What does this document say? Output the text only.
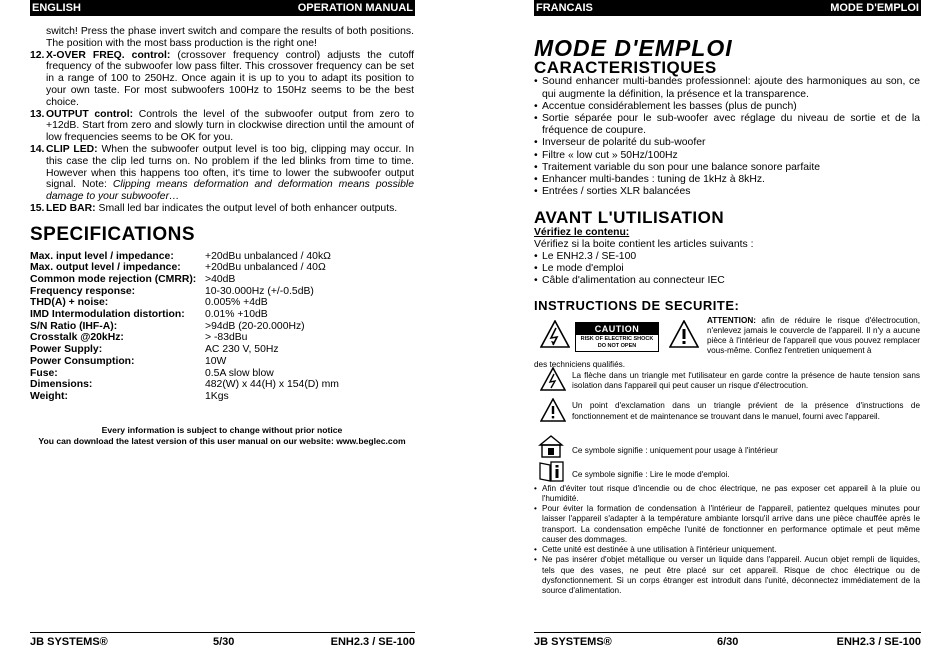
ENGLISH	OPERATION MANUAL
switch! Press the phase invert switch and compare the results of both positions. The position with the most bass production is the right one!
12. X-OVER FREQ. control: (crossover frequency control) adjusts the cutoff frequency of the subwoofer low pass filter. This crossover frequency can be set in a range of 100 to 250Hz. Once again it is up to you to adapt its position to your own taste. For most subwoofers 100Hz to 150Hz seems to be the best choice.
13. OUTPUT control: Controls the level of the subwoofer output from zero to +12dB. Start from zero and slowly turn in clockwise direction until the amount of low frequencies seems to be OK for you.
14. CLIP LED: When the subwoofer output level is too big, clipping may occur. In this case the clip led turns on. No problem if the led blinks from time to time. However when this happens too often, it's time to lower the subwoofer output signal. Note: Clipping means deformation and deformation means possible damage to your subwoofer…
15. LED BAR: Small led bar indicates the output level of both enhancer outputs.
SPECIFICATIONS
Max. input level / impedance:	+20dBu unbalanced / 40kΩ
Max. output level / impedance:	+20dBu unbalanced / 40Ω
Common mode rejection (CMRR): >40dB
Frequency response:	10-30.000Hz (+/-0.5dB)
THD(A) + noise:	0.005% +4dB
IMD Intermodulation distortion:	0.01% +10dB
S/N Ratio (IHF-A):	>94dB (20-20.000Hz)
Crosstalk @20kHz:	> -83dBu
Power Supply:	AC 230 V, 50Hz
Power Consumption:	10W
Fuse:	0.5A slow blow
Dimensions:	482(W) x 44(H) x 154(D) mm
Weight:	1Kgs
Every information is subject to change without prior notice
You can download the latest version of this user manual on our website: www.beglec.com
JB SYSTEMS®	5/30	ENH2.3 / SE-100
FRANCAIS	MODE D'EMPLOI
MODE D'EMPLOI
CARACTERISTIQUES
• Sound enhancer multi-bandes professionnel: ajoute des harmoniques au son, ce qui augmente la définition, la présence et la transparence.
• Accentue considérablement les basses (plus de punch)
• Sortie séparée pour le sub-woofer avec réglage du niveau de sortie et de la fréquence de coupure.
• Inverseur de polarité du sub-woofer
• Filtre « low cut » 50Hz/100Hz
• Traitement variable du son pour une balance sonore parfaite
• Enhancer multi-bandes : tuning de 1kHz à 8kHz.
• Entrées / sorties XLR balancées
AVANT L'UTILISATION
Vérifiez le contenu:
Vérifiez si la boite contient les articles suivants :
• Le ENH2.3 / SE-100
• Le mode d'emploi
• Câble d'alimentation au connecteur IEC
INSTRUCTIONS DE SECURITE:
CAUTION
RISK OF ELECTRIC SHOCK
DO NOT OPEN
ATTENTION: afin de réduire le risque d'électrocution, n'enlevez jamais le couvercle de l'appareil. Il n'y a aucune pièce à l'intérieur de l'appareil que vous pouvez remplacer vous-même. Confiez l'entretien uniquement à
des techniciens qualifiés.
La flèche dans un triangle met l'utilisateur en garde contre la présence de haute tension sans isolation dans l'appareil qui peut causer un risque d'électrocution.
Un point d'exclamation dans un triangle prévient de la présence d'instructions de fonctionnement et de maintenance se trouvant dans le manuel, fourni avec l'appareil.
Ce symbole signifie : uniquement pour usage à l'intérieur
Ce symbole signifie : Lire le mode d'emploi.
• Afin d'éviter tout risque d'incendie ou de choc électrique, ne pas exposer cet appareil à la pluie ou l'humidité.
• Pour éviter la formation de condensation à l'intérieur de l'appareil, patientez quelques minutes pour laisser l'appareil s'adapter à la température ambiante lorsqu'il arrive dans une pièce chauffée après le transport. La condensation empêche l'unité de fonctionner en performance optimale et peut même causer des dommages.
• Cette unité est destinée à une utilisation à l'intérieur uniquement.
• Ne pas insérer d'objet métallique ou verser un liquide dans l'appareil. Aucun objet rempli de liquides, tels que des vases, ne peut être placé sur cet appareil. Risque de choc électrique ou de dysfonctionnement. Si un corps étranger est introduit dans l'unité, déconnectez immédiatement de la source d'alimentation.
JB SYSTEMS®	6/30	ENH2.3 / SE-100
